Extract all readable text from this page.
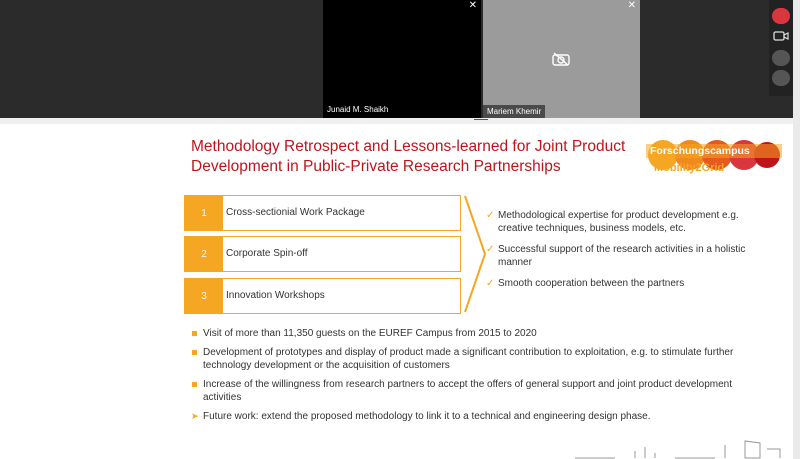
✕
Junaid M. Shaikh
✕
Mariem Khemir
Methodology Retrospect and Lessons-learned for Joint Product
Development in Public-Private Research Partnerships
Forschungscampus
Mobility2Grid
1	Cross-sectionial Work Package
2	Corporate Spin-off
3	Innovation Workshops
✓ Methodological expertise for product development e.g. creative techniques, business models, etc.
✓ Successful support of the research activities in a holistic manner
✓ Smooth cooperation between the partners
Visit of more than 11,350 guests on the EUREF Campus from 2015 to 2020
Development of prototypes and display of product made a significant contribution to exploitation, e.g. to stimulate further technology development or the acquisition of customers
Increase of the willingness from research partners to accept the offers of general support and joint product development activities
➤ Future work: extend the proposed methodology to link it to a technical and engineering design phase.
